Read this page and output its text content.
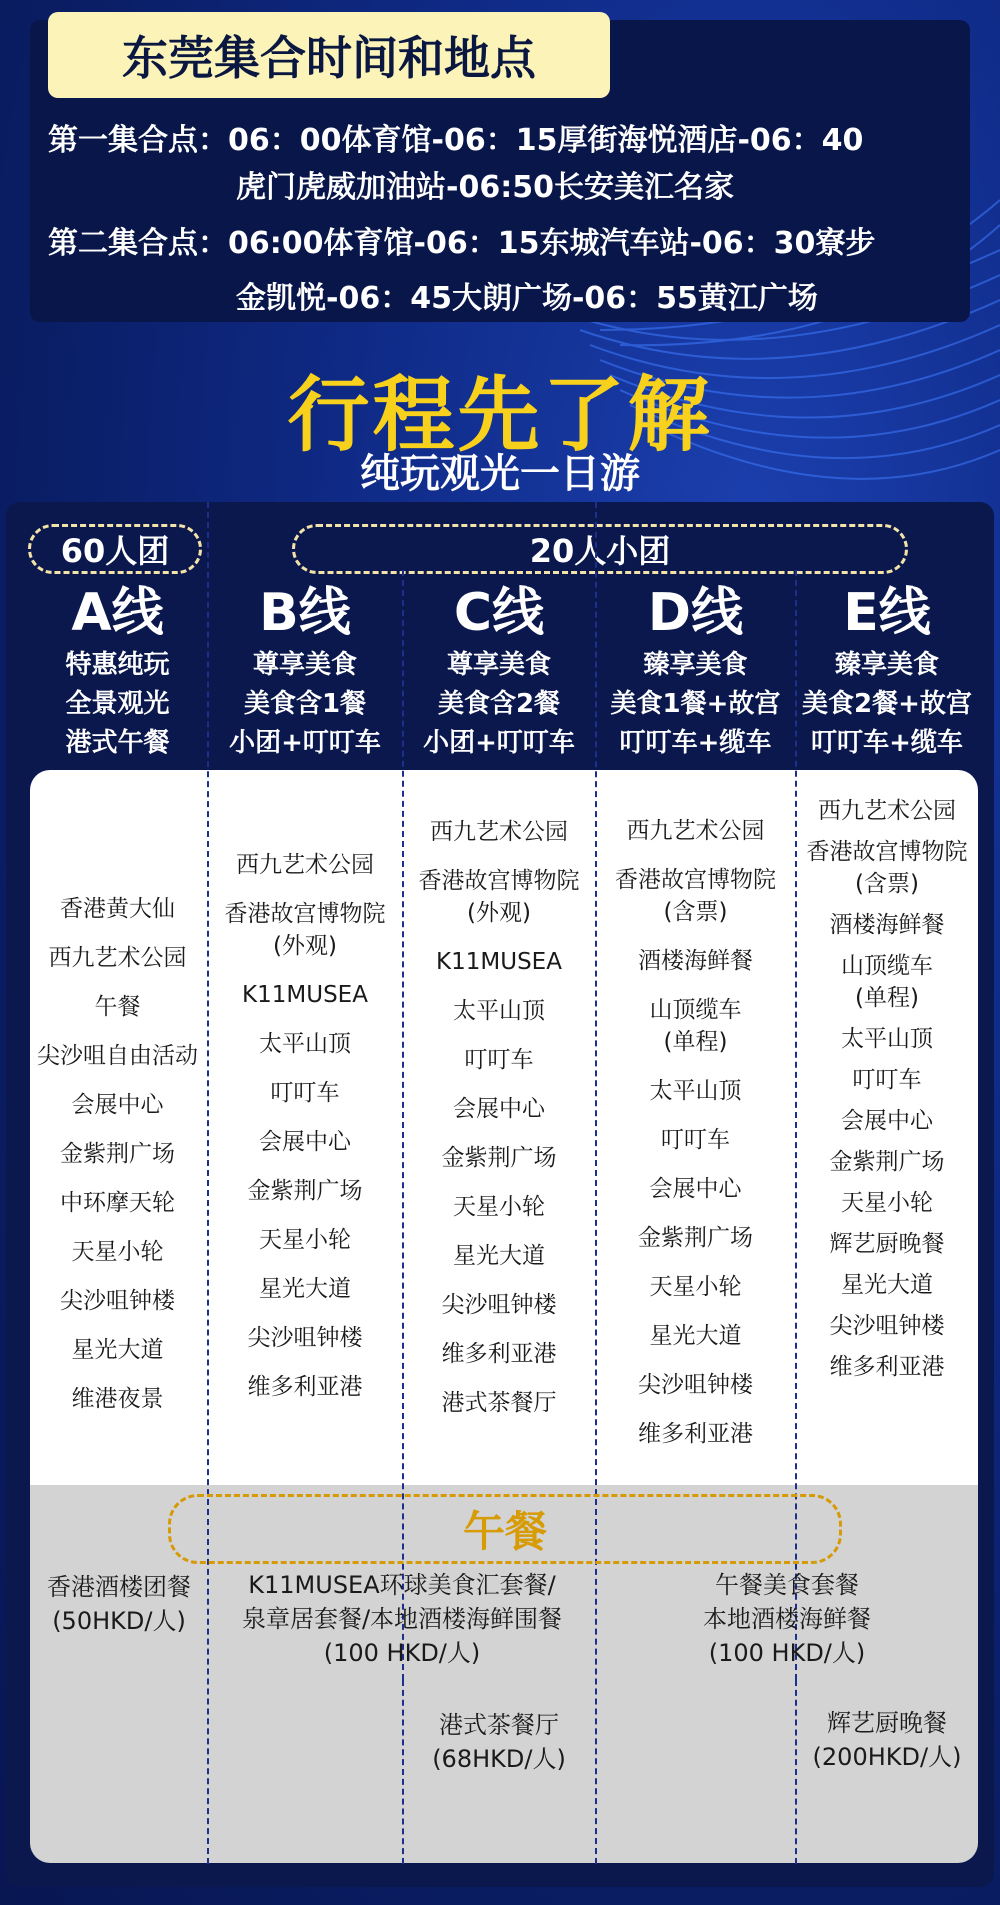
东莞集合时间和地点
第一集合点：06：00体育馆-06：15厚街海悦酒店-06：40
虎门虎威加油站-06:50长安美汇名家
第二集合点：06:00体育馆-06：15东城汽车站-06：30寮步
金凯悦-06：45大朗广场-06：55黄江广场
行程先了解
纯玩观光一日游
60人团	20人小团
A线
特惠纯玩
全景观光
港式午餐
B线
尊享美食
美食含1餐
小团+叮叮车
C线
尊享美食
美食含2餐
小团+叮叮车
D线
臻享美食
美食1餐+故宫
叮叮车+缆车
E线
臻享美食
美食2餐+故宫
叮叮车+缆车
香港黄大仙
西九艺术公园
午餐
尖沙咀自由活动
会展中心
金紫荆广场
中环摩天轮
天星小轮
尖沙咀钟楼
星光大道
维港夜景
西九艺术公园
香港故宫博物院
(外观)
K11MUSEA
太平山顶
叮叮车
会展中心
金紫荆广场
天星小轮
星光大道
尖沙咀钟楼
维多利亚港
西九艺术公园
香港故宫博物院
(外观)
K11MUSEA
太平山顶
叮叮车
会展中心
金紫荆广场
天星小轮
星光大道
尖沙咀钟楼
维多利亚港
港式茶餐厅
西九艺术公园
香港故宫博物院
(含票)
酒楼海鲜餐
山顶缆车
(单程)
太平山顶
叮叮车
会展中心
金紫荆广场
天星小轮
星光大道
尖沙咀钟楼
维多利亚港
西九艺术公园
香港故宫博物院
(含票)
酒楼海鲜餐
山顶缆车
(单程)
太平山顶
叮叮车
会展中心
金紫荆广场
天星小轮
辉艺厨晚餐
星光大道
尖沙咀钟楼
维多利亚港
午餐
香港酒楼团餐
(50HKD/人)
K11MUSEA环球美食汇套餐/
泉章居套餐/本地酒楼海鲜围餐
(100 HKD/人)
港式茶餐厅
(68HKD/人)
午餐美食套餐
本地酒楼海鲜餐
(100 HKD/人)
辉艺厨晚餐
(200HKD/人)
